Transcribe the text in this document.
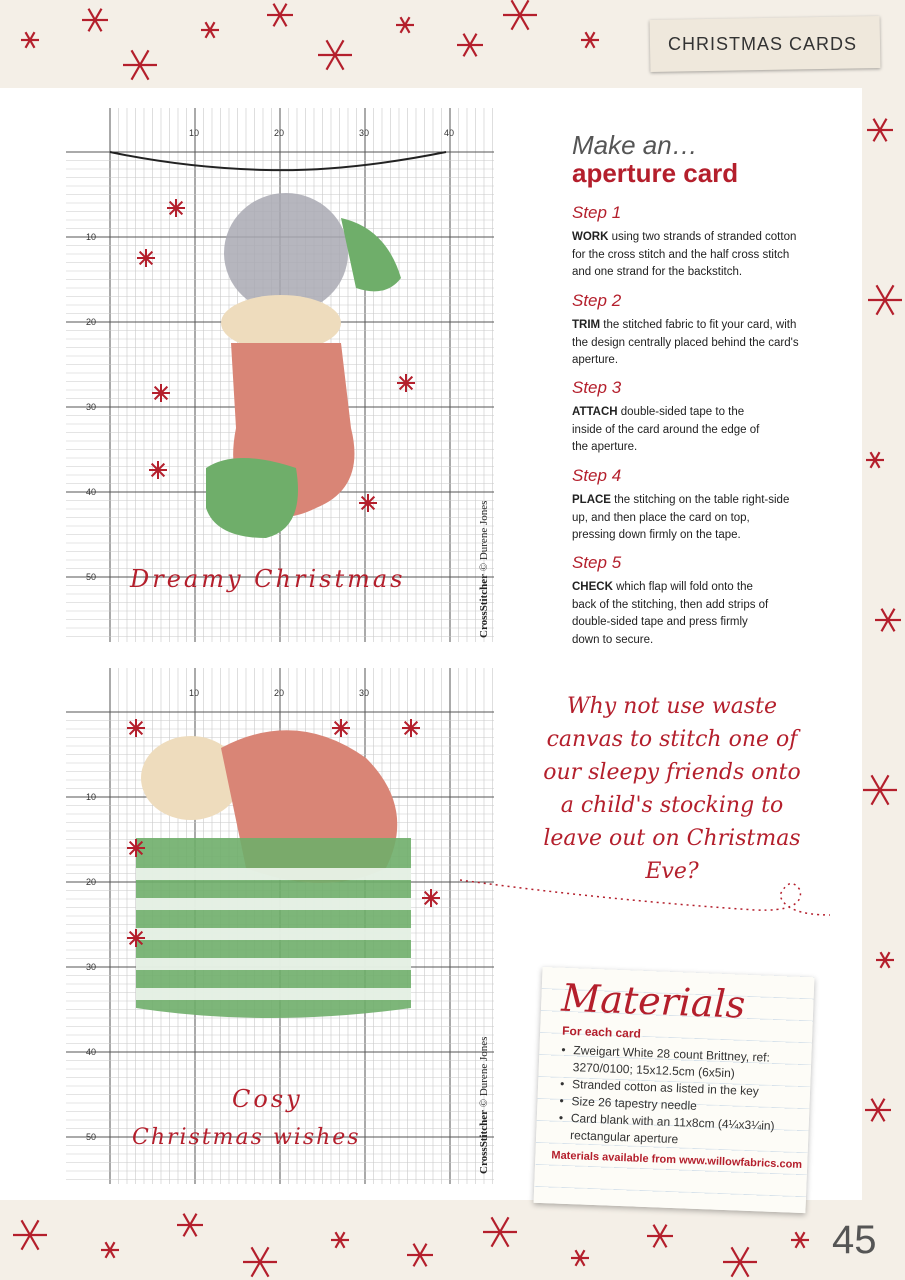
CHRISTMAS CARDS
10	20	30	40
10
20
30
40
50	CrossStitcher © Durene Jones
Dreamy Christmas
10	20	30
10
20
30
40
50	CrossStitcher © Durene Jones
Cosy
Christmas wishes
Make an…
aperture card
Step 1

WORK using two strands of stranded cotton for the cross stitch and the half cross stitch and one strand for the backstitch.

Step 2

TRIM the stitched fabric to fit your card, with the design centrally placed behind the card's aperture.

Step 3

ATTACH double-sided tape to the inside of the card around the edge of the aperture.

Step 4

PLACE the stitching on the table right-side up, and then place the card on top, pressing down firmly on the tape.

Step 5

CHECK which flap will fold onto the back of the stitching, then add strips of double-sided tape and press firmly down to secure.

Why not use waste canvas to stitch one of our sleepy friends onto a child's stocking to leave out on Christmas Eve?
Materials
For each card
• Zweigart White 28 count Brittney, ref: 3270/0100; 15x12.5cm (6x5in)
• Stranded cotton as listed in the key
• Size 26 tapestry needle
• Card blank with an 11x8cm (4¼x3¼in) rectangular aperture
Materials available from www.willowfabrics.com
45
